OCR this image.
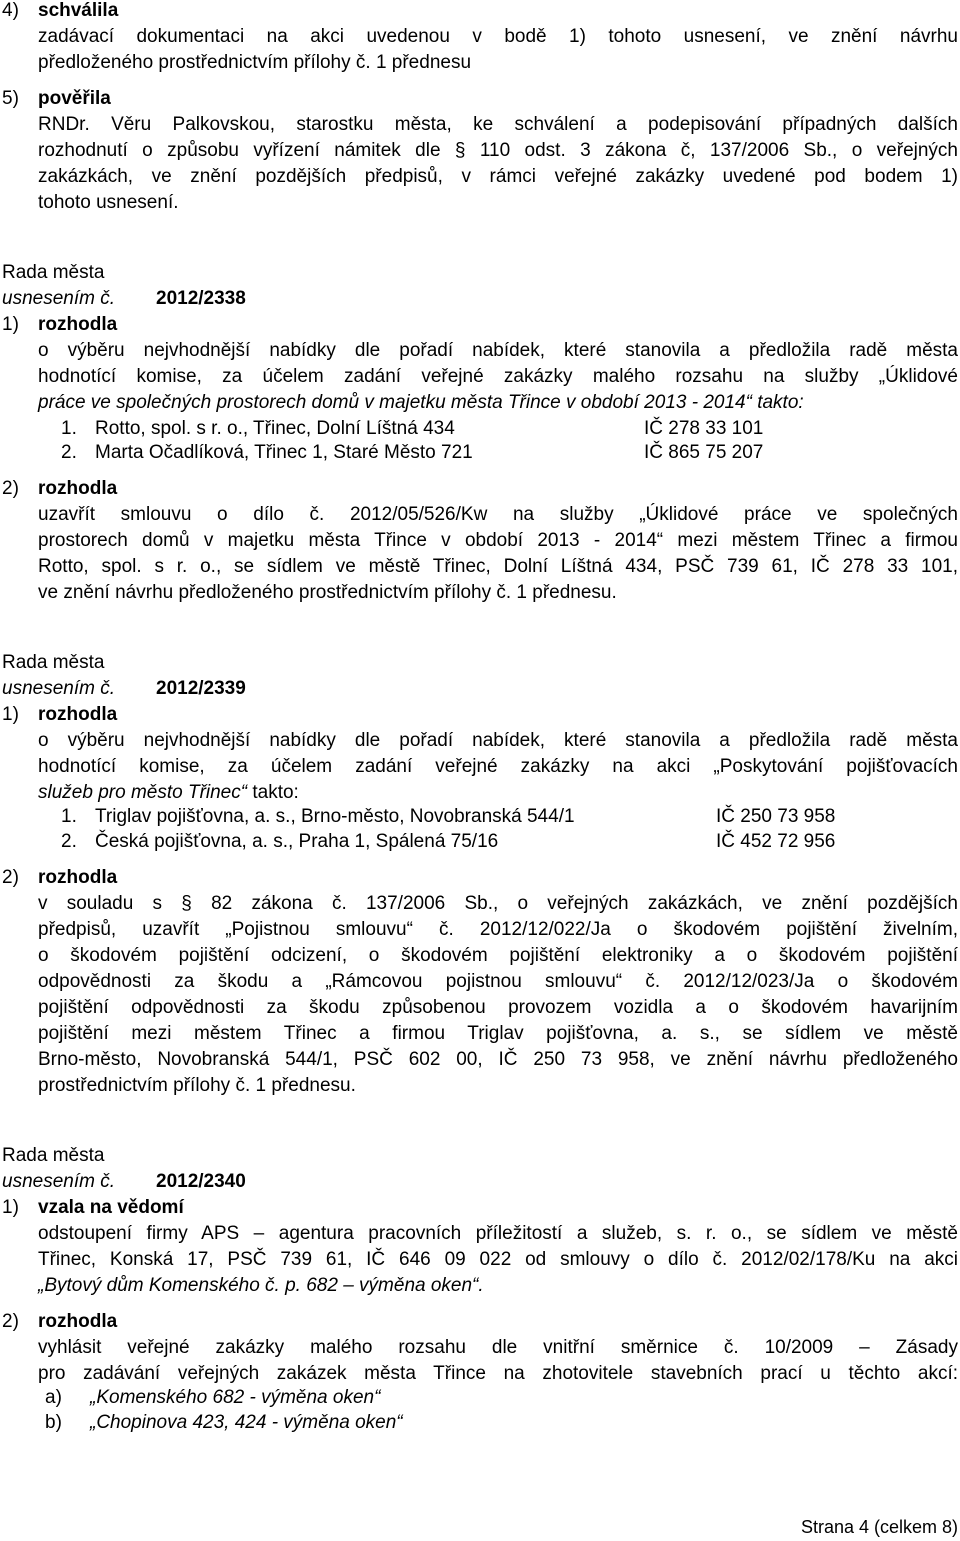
4) schválila
zadávací dokumentaci na akci uvedenou v bodě 1) tohoto usnesení, ve znění návrhu
předloženého prostřednictvím přílohy č. 1 přednesu
5) pověřila
RNDr. Věru Palkovskou, starostku města, ke schválení a podepisování případných dalších
rozhodnutí o způsobu vyřízení námitek dle § 110 odst. 3 zákona č, 137/2006 Sb., o veřejných
zakázkách, ve znění pozdějších předpisů, v rámci veřejné zakázky uvedené pod bodem 1)
tohoto usnesení.
Rada města
usnesením č. 2012/2338
1) rozhodla
o výběru nejvhodnější nabídky dle pořadí nabídek, které stanovila a předložila radě města
hodnotící komise, za účelem zadání veřejné zakázky malého rozsahu na služby „Úklidové
práce ve společných prostorech domů v majetku města Třince v období 2013 - 2014“ takto:
1. Rotto, spol. s r. o., Třinec, Dolní Líštná 434	IČ 278 33 101
2. Marta Očadlíková, Třinec 1, Staré Město 721	IČ 865 75 207
2) rozhodla
uzavřít smlouvu o dílo č. 2012/05/526/Kw na služby „Úklidové práce ve společných
prostorech domů v majetku města Třince v období 2013 - 2014“ mezi městem Třinec a firmou
Rotto, spol. s r. o., se sídlem ve městě Třinec, Dolní Líštná 434, PSČ 739 61, IČ 278 33 101,
ve znění návrhu předloženého prostřednictvím přílohy č. 1 přednesu.
Rada města
usnesením č. 2012/2339
1) rozhodla
o výběru nejvhodnější nabídky dle pořadí nabídek, které stanovila a předložila radě města
hodnotící komise, za účelem zadání veřejné zakázky na akci „Poskytování pojišťovacích
služeb pro město Třinec“ takto:
1. Triglav pojišťovna, a. s., Brno-město, Novobranská 544/1	IČ 250 73 958
2. Česká pojišťovna, a. s., Praha 1, Spálená 75/16	IČ 452 72 956
2) rozhodla
v souladu s § 82 zákona č. 137/2006 Sb., o veřejných zakázkách, ve znění pozdějších
předpisů, uzavřít „Pojistnou smlouvu“ č. 2012/12/022/Ja o škodovém pojištění živelním,
o škodovém pojištění odcizení, o škodovém pojištění elektroniky a o škodovém pojištění
odpovědnosti za škodu a „Rámcovou pojistnou smlouvu“ č. 2012/12/023/Ja o škodovém
pojištění odpovědnosti za škodu způsobenou provozem vozidla a o škodovém havarijním
pojištění mezi městem Třinec a firmou Triglav pojišťovna, a. s., se sídlem ve městě
Brno-město, Novobranská 544/1, PSČ 602 00, IČ 250 73 958, ve znění návrhu předloženého
prostřednictvím přílohy č. 1 přednesu.
Rada města
usnesením č. 2012/2340
1) vzala na vědomí
odstoupení firmy APS – agentura pracovních příležitostí a služeb, s. r. o., se sídlem ve městě
Třinec, Konská 17, PSČ 739 61, IČ 646 09 022 od smlouvy o dílo č. 2012/02/178/Ku na akci
„Bytový dům Komenského č. p. 682 – výměna oken“.
2) rozhodla
vyhlásit veřejné zakázky malého rozsahu dle vnitřní směrnice č. 10/2009 – Zásady
pro zadávání veřejných zakázek města Třince na zhotovitele stavebních prací u těchto akcí:
a) „Komenského 682 - výměna oken“
b) „Chopinova 423, 424 - výměna oken“
Strana 4 (celkem 8)
